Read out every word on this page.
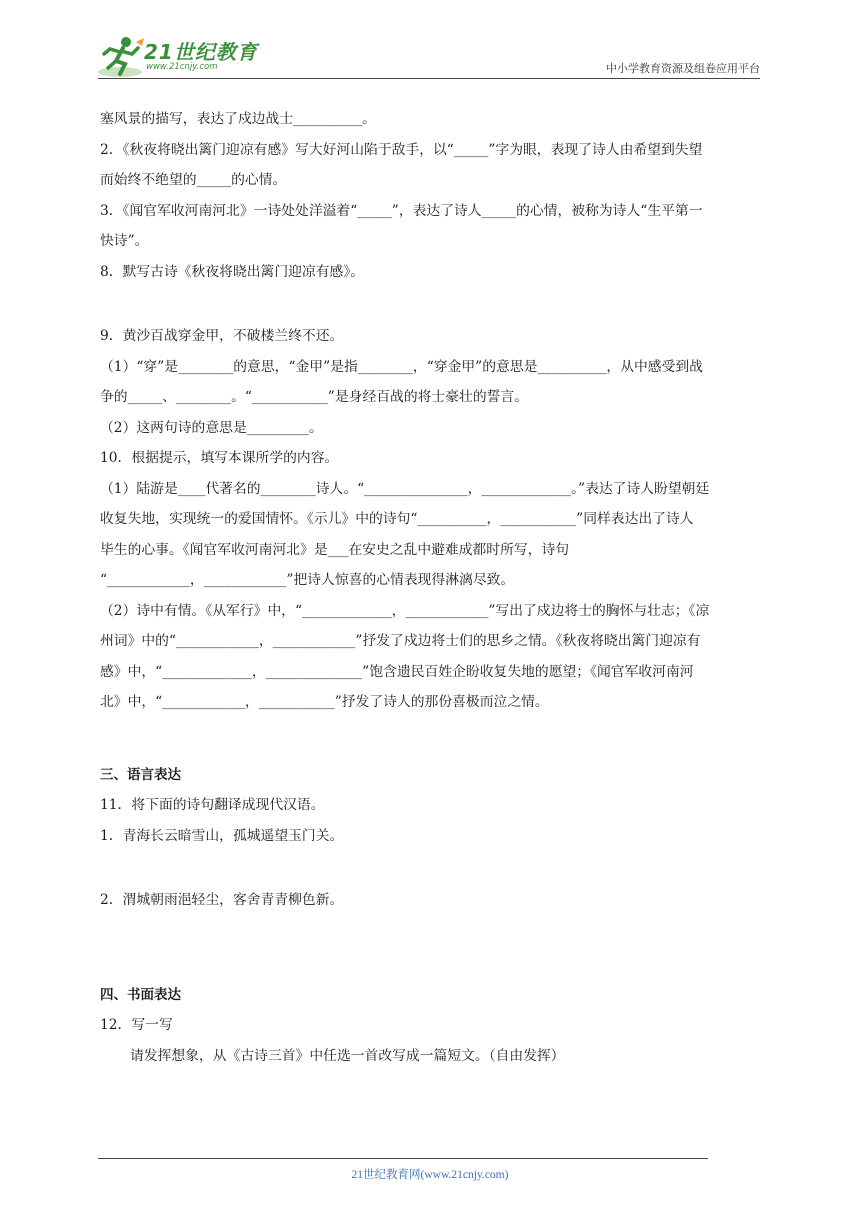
21世纪教育
www.21cnjy.com	中小学教育资源及组卷应用平台

塞风景的描写，表达了戍边战士__________。

2．《秋夜将晓出篱门迎凉有感》写大好河山陷于敌手，以“_____”字为眼，表现了诗人由希望到失望

而始终不绝望的_____的心情。

3．《闻官军收河南河北》一诗处处洋溢着“_____”，表达了诗人_____的心情，被称为诗人“生平第一

快诗”。

8．默写古诗《秋夜将晓出篱门迎凉有感》。

9．黄沙百战穿金甲，不破楼兰终不还。

（1）“穿”是________的意思，“金甲”是指________，“穿金甲”的意思是__________，从中感受到战

争的_____、________。“___________”是身经百战的将士豪壮的誓言。

（2）这两句诗的意思是_________。

10．根据提示，填写本课所学的内容。

（1）陆游是____代著名的________诗人。“_______________，_____________。”表达了诗人盼望朝廷

收复失地，实现统一的爱国情怀。《示儿》中的诗句“__________，___________”同样表达出了诗人

毕生的心事。《闻官军收河南河北》是___在安史之乱中避难成都时所写，诗句

“____________，____________”把诗人惊喜的心情表现得淋漓尽致。

（2）诗中有情。《从军行》中，“_____________，____________”写出了戍边将士的胸怀与壮志；《凉

州词》中的“____________，____________”抒发了戍边将士们的思乡之情。《秋夜将晓出篱门迎凉有

感》中，“_____________，______________”饱含遗民百姓企盼收复失地的愿望；《闻官军收河南河

北》中，“____________，___________”抒发了诗人的那份喜极而泣之情。

三、语言表达

11．将下面的诗句翻译成现代汉语。

1．青海长云暗雪山，孤城遥望玉门关。

2．渭城朝雨浥轻尘，客舍青青柳色新。

四、书面表达

12．写一写

请发挥想象，从《古诗三首》中任选一首改写成一篇短文。（自由发挥）

21世纪教育网(www.21cnjy.com)
